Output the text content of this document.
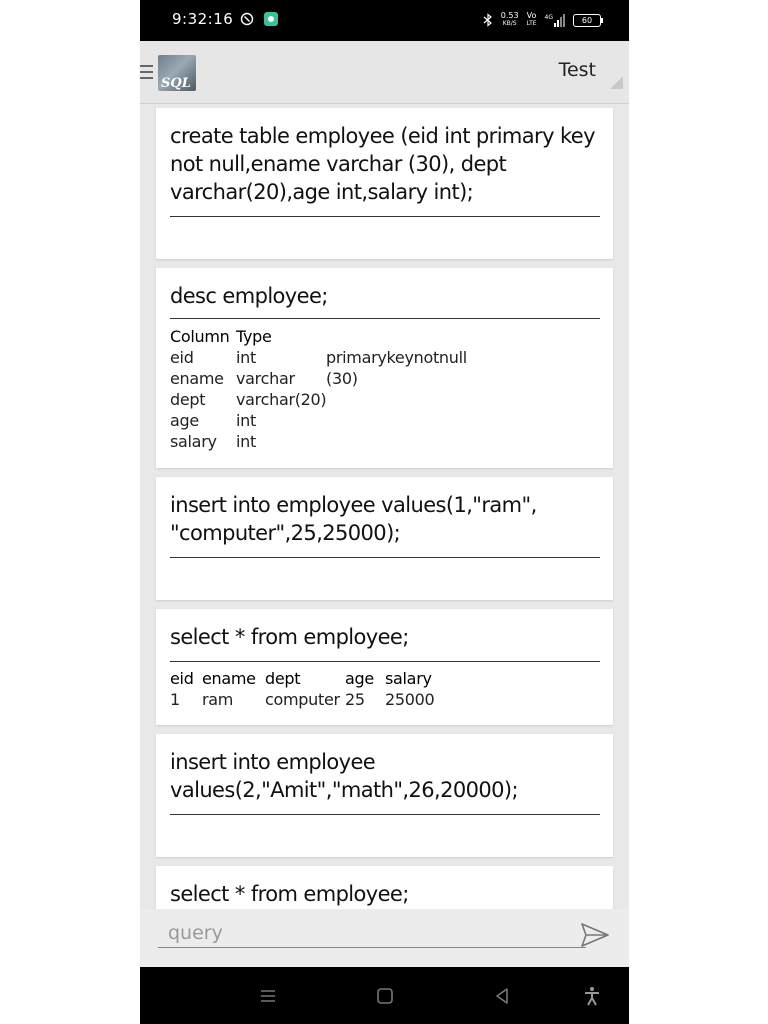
9:32:16	0.53
KB/S
Vo
LTE
4G	60
SQL
Test
create table employee (eid int primary key not null,ename varchar (30), dept varchar(20),age int,salary int);
desc employee;
Column	Type	
eid	int	primarykeynotnull
ename	varchar	(30)
dept	varchar(20)	
age	int	
salary	int	
insert into employee values(1,"ram", "computer",25,25000);
select * from employee;
eid	ename	dept	age	salary
1	ram	computer	25	25000
insert into employee values(2,"Amit","math",26,20000);
select * from employee;
query
